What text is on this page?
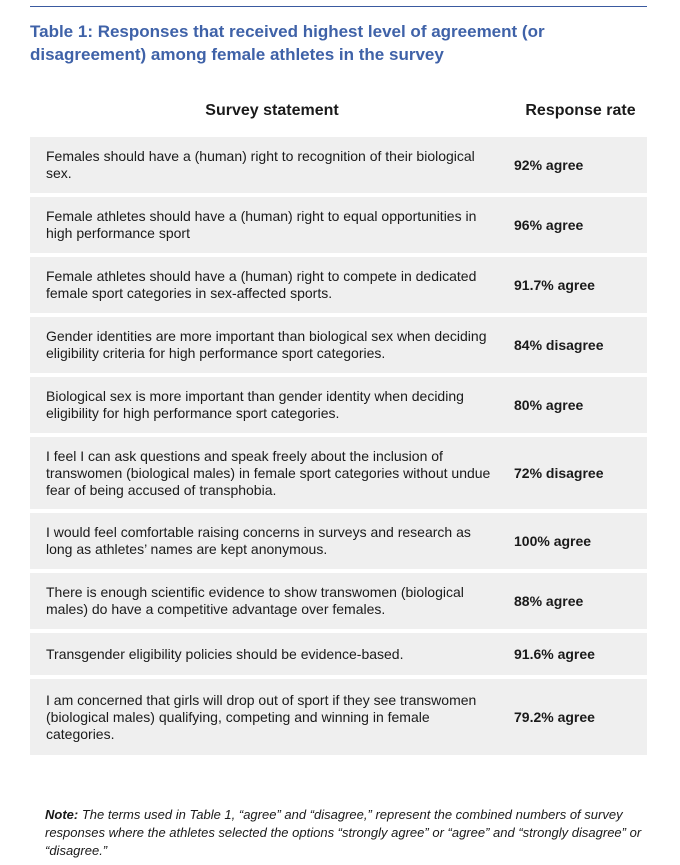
Table 1: Responses that received highest level of agreement (or disagreement) among female athletes in the survey
Survey statement	Response rate
Females should have a (human) right to recognition of their biological sex.
92% agree
Female athletes should have a (human) right to equal opportunities in high performance sport
96% agree
Female athletes should have a (human) right to compete in dedicated female sport categories in sex-affected sports.
91.7% agree
Gender identities are more important than biological sex when deciding eligibility criteria for high performance sport categories.
84% disagree
Biological sex is more important than gender identity when deciding eligibility for high performance sport categories.
80% agree
I feel I can ask questions and speak freely about the inclusion of transwomen (biological males) in female sport categories without undue fear of being accused of transphobia.
72% disagree
I would feel comfortable raising concerns in surveys and research as long as athletes’ names are kept anonymous.
100% agree
There is enough scientific evidence to show transwomen (biological males) do have a competitive advantage over females.
88% agree
Transgender eligibility policies should be evidence-based.	91.6% agree
I am concerned that girls will drop out of sport if they see transwomen (biological males) qualifying, competing and winning in female categories.
79.2% agree
Note: The terms used in Table 1, “agree” and “disagree,” represent the combined numbers of survey responses where the athletes selected the options “strongly agree” or “agree” and “strongly disagree” or “disagree.”
